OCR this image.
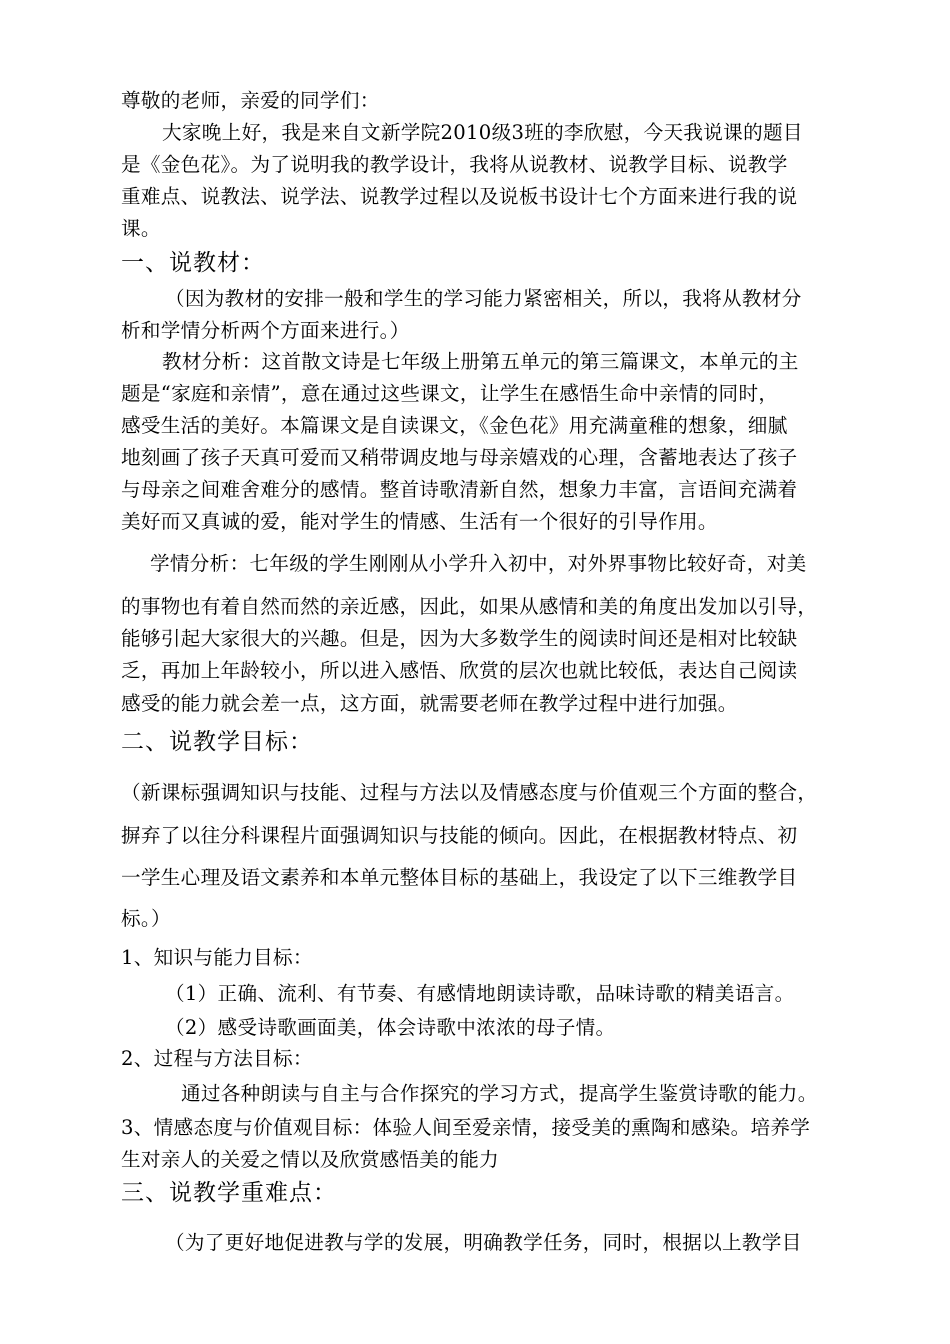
尊敬的老师，亲爱的同学们：
大家晚上好，我是来自文新学院2010级3班的李欣慰，今天我说课的题目
是《金色花》。为了说明我的教学设计，我将从说教材、说教学目标、说教学
重难点、说教法、说学法、说教学过程以及说板书设计七个方面来进行我的说
课。
一、说教材：
（因为教材的安排一般和学生的学习能力紧密相关，所以，我将从教材分
析和学情分析两个方面来进行。）
教材分析：这首散文诗是七年级上册第五单元的第三篇课文，本单元的主
题是“家庭和亲情”，意在通过这些课文，让学生在感悟生命中亲情的同时，
感受生活的美好。本篇课文是自读课文，《金色花》用充满童稚的想象，细腻
地刻画了孩子天真可爱而又稍带调皮地与母亲嬉戏的心理，含蓄地表达了孩子
与母亲之间难舍难分的感情。整首诗歌清新自然，想象力丰富，言语间充满着
美好而又真诚的爱，能对学生的情感、生活有一个很好的引导作用。
学情分析：七年级的学生刚刚从小学升入初中，对外界事物比较好奇，对美
的事物也有着自然而然的亲近感，因此，如果从感情和美的角度出发加以引导，
能够引起大家很大的兴趣。但是，因为大多数学生的阅读时间还是相对比较缺
乏，再加上年龄较小，所以进入感悟、欣赏的层次也就比较低，表达自己阅读
感受的能力就会差一点，这方面，就需要老师在教学过程中进行加强。
二、说教学目标：
（新课标强调知识与技能、过程与方法以及情感态度与价值观三个方面的整合，
摒弃了以往分科课程片面强调知识与技能的倾向。因此，在根据教材特点、初
一学生心理及语文素养和本单元整体目标的基础上，我设定了以下三维教学目
标。）
1、知识与能力目标：
（1）正确、流利、有节奏、有感情地朗读诗歌，品味诗歌的精美语言。
（2）感受诗歌画面美，体会诗歌中浓浓的母子情。
2、过程与方法目标：
通过各种朗读与自主与合作探究的学习方式，提高学生鉴赏诗歌的能力。
3、情感态度与价值观目标：体验人间至爱亲情，接受美的熏陶和感染。培养学
生对亲人的关爱之情以及欣赏感悟美的能力
三、说教学重难点：
（为了更好地促进教与学的发展，明确教学任务，同时，根据以上教学目
